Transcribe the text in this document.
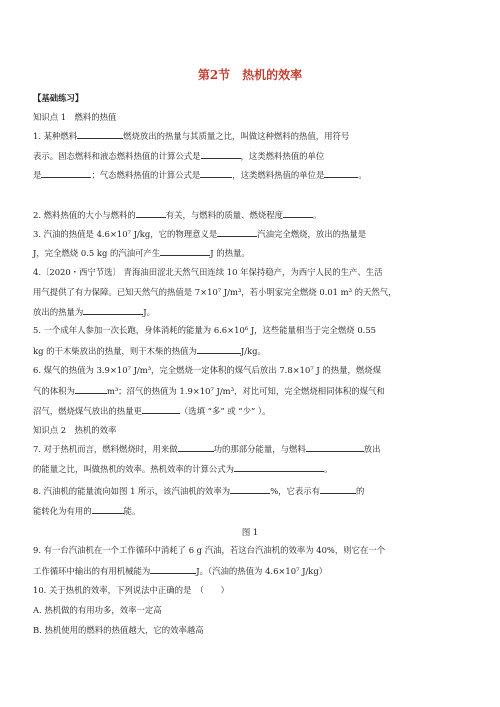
第2节　热机的效率
【基础练习】
知识点 1　燃料的热值
1. 某种燃料	燃烧放出的热量与其质量之比，叫做这种燃料的热值，用符号
表示。固态燃料和液态燃料热值的计算公式是	，这类燃料热值的单位
是	；气态燃料热值的计算公式是	，这类燃料热值的单位是	。
2. 燃料热值的大小与燃料的	有关，与燃料的质量、燃烧程度	。
3. 汽油的热值是 4.6×10⁷ J/kg，它的物理意义是	汽油完全燃烧，放出的热量是
J，完全燃烧 0.5 kg 的汽油可产生	J 的热量。
4.〔2020・西宁节选〕 青海油田涩北天然气田连续 10 年保持稳产，为西宁人民的生产、生活
用气提供了有力保障。已知天然气的热值是 7×10⁷ J/m³，若小明家完全燃烧 0.01 m³ 的天然气，
放出的热量为	J。
5. 一个成年人参加一次长跑，身体消耗的能量为 6.6×10⁶ J，这些能量相当于完全燃烧 0.55
kg 的干木柴放出的热量，则干木柴的热值为	J/kg。
6. 煤气的热值为 3.9×10⁷ J/m³，完全燃烧一定体积的煤气后放出 7.8×10⁷ J 的热量，燃烧煤
气的体积为	m³；沼气的热值为 1.9×10⁷ J/m³，对比可知，完全燃烧相同体积的煤气和
沼气，燃烧煤气放出的热量更	（选填 “多” 或 “少” ）。
知识点 2　热机的效率
7. 对于热机而言，燃料燃烧时，用来做	功的那部分能量，与燃料	放出
的能量之比，叫做热机的效率。热机效率的计算公式为	。
8. 汽油机的能量流向如图 1 所示，该汽油机的效率为	%，它表示有	的
能转化为有用的	能。
图 1
9. 有一台汽油机在一个工作循环中消耗了 6 g 汽油，若这台汽油机的效率为 40%，则它在一个
工作循环中输出的有用机械能为	J。（汽油的热值为 4.6×10⁷ J/kg）
10. 关于热机的效率，下列说法中正确的是　（　　）
A. 热机做的有用功多，效率一定高
B. 热机使用的燃料的热值越大，它的效率越高
